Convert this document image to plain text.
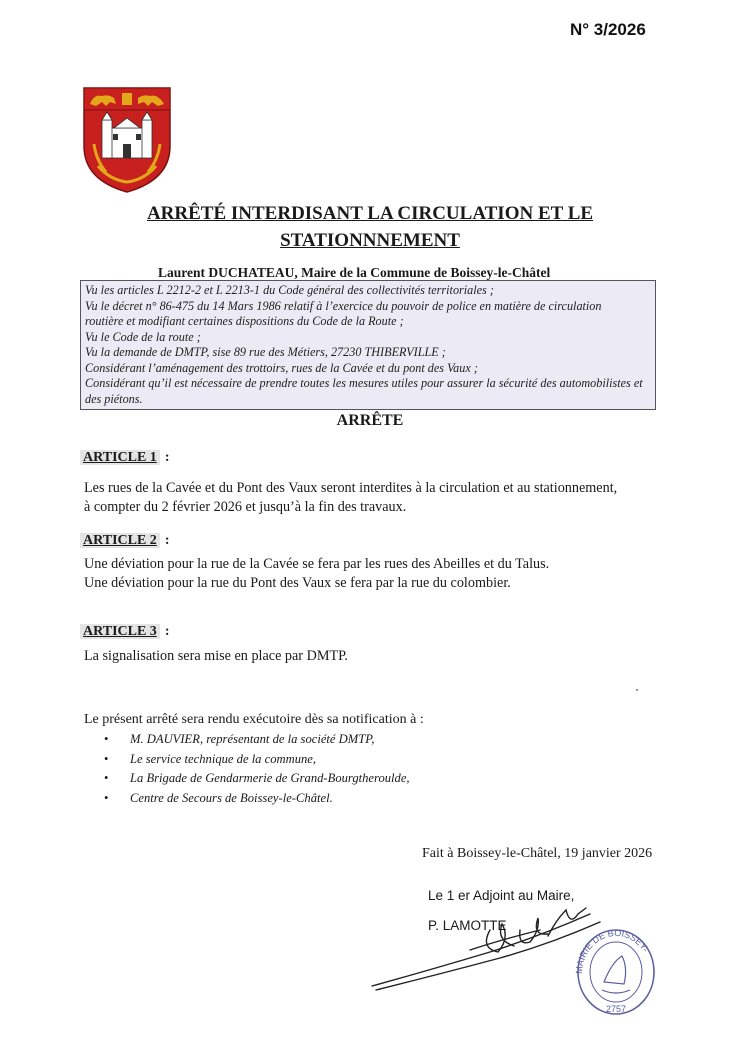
N° 3/2026
ARRÊTÉ INTERDISANT LA CIRCULATION ET LE
STATIONNNEMENT
Laurent DUCHATEAU, Maire de la Commune de Boissey-le-Châtel
Vu les articles L 2212-2 et L 2213-1 du Code général des collectivités territoriales ;
Vu le décret n° 86-475 du 14 Mars 1986 relatif à l’exercice du pouvoir de police en matière de circulation
routière et modifiant certaines dispositions du Code de la Route ;
Vu le Code de la route ;
Vu la demande de DMTP, sise 89 rue des Métiers, 27230 THIBERVILLE ;
Considérant l’aménagement des trottoirs, rues de la Cavée et du pont des Vaux ;
Considérant qu’il est nécessaire de prendre toutes les mesures utiles pour assurer la sécurité des automobilistes et
des piétons.
ARRÊTE
ARTICLE 1 :
Les rues de la Cavée et du Pont des Vaux seront interdites à la circulation et au stationnement,
à compter du 2 février 2026 et jusqu’à la fin des travaux.
ARTICLE 2 :
Une déviation pour la rue de la Cavée se fera par les rues des Abeilles et du Talus.
Une déviation pour la rue du Pont des Vaux se fera par la rue du colombier.
ARTICLE 3 :
La signalisation sera mise en place par DMTP.
Le présent arrêté sera rendu exécutoire dès sa notification à :
• M. DAUVIER, représentant de la société DMTP,
• Le service technique de la commune,
• La Brigade de Gendarmerie de Grand-Bourgtheroulde,
• Centre de Secours de Boissey-le-Châtel.
Fait à Boissey-le-Châtel, 19 janvier 2026
Le 1 er Adjoint au Maire,
P. LAMOTTE
MAIRIE DE BOISSEY-
2757
